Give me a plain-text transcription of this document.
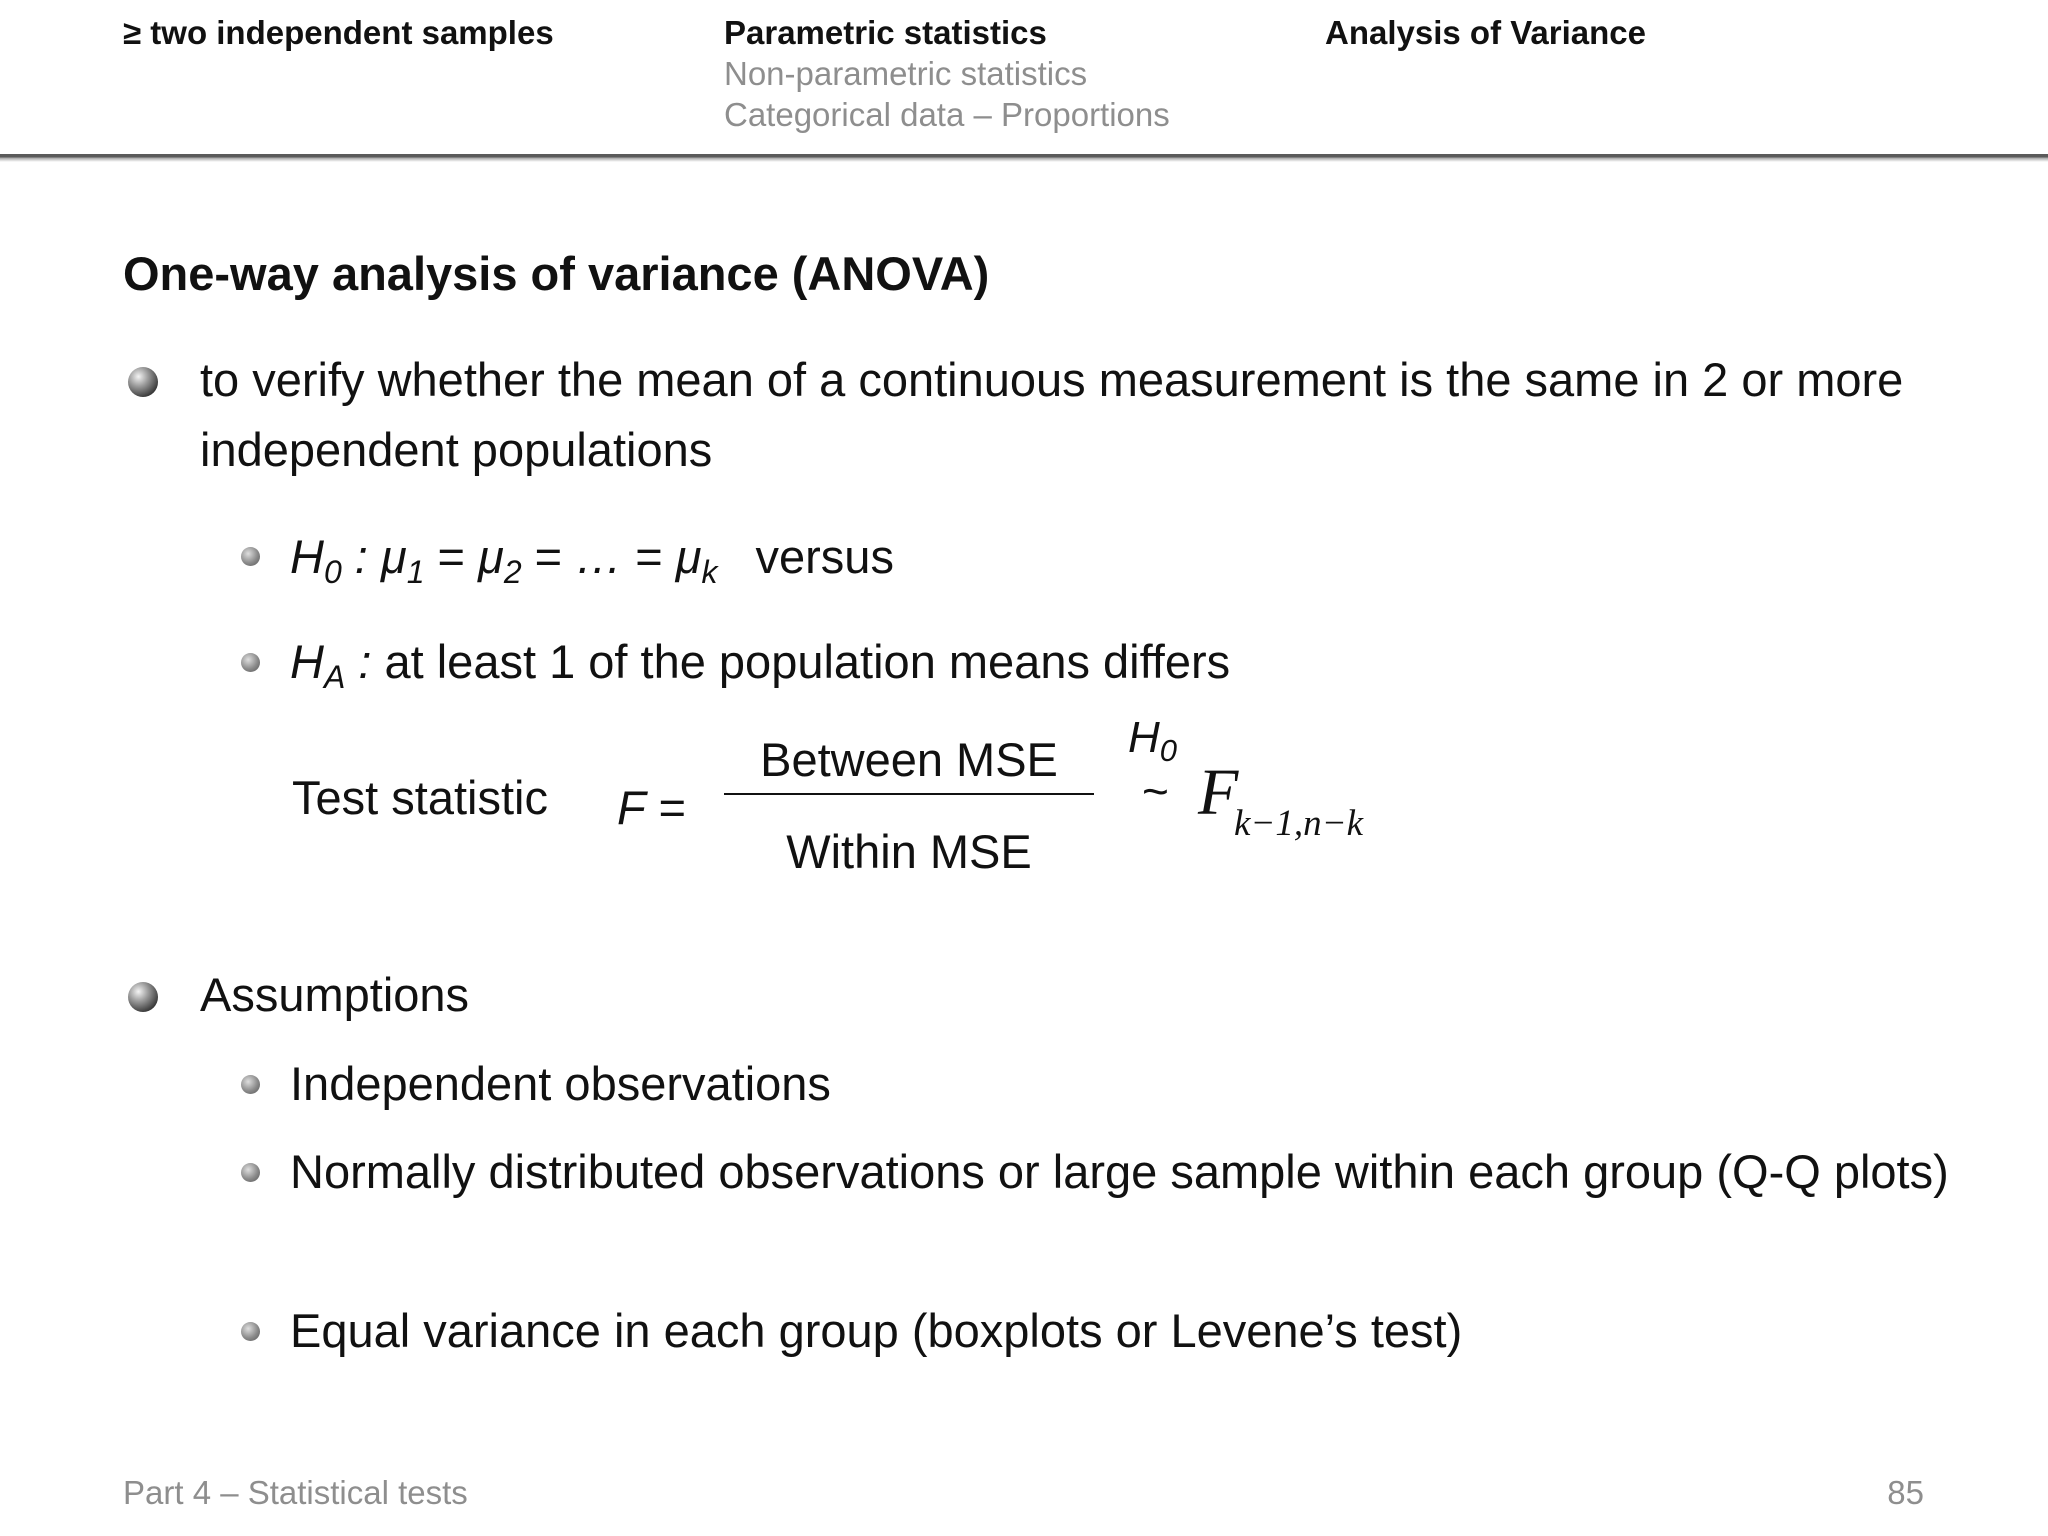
≥ two independent samples	Parametric statistics
Non-parametric statistics
Categorical data – Proportions
Analysis of Variance
One-way analysis of variance (ANOVA)
to verify whether the mean of a continuous measurement is the same in 2 or more independent populations
$H_0$ : $\mu_1 = \mu_2$ = … = $\mu_k$ versus
$H_A$ : at least 1 of the population means differs
Test statistic F =
Between MSE
Within MSE
$H_0$
~ F
k−1,n−k
Assumptions
Independent observations
Normally distributed observations or large sample within each group (Q-Q plots)
Equal variance in each group (boxplots or Levene’s test)
Part 4 – Statistical tests	85
